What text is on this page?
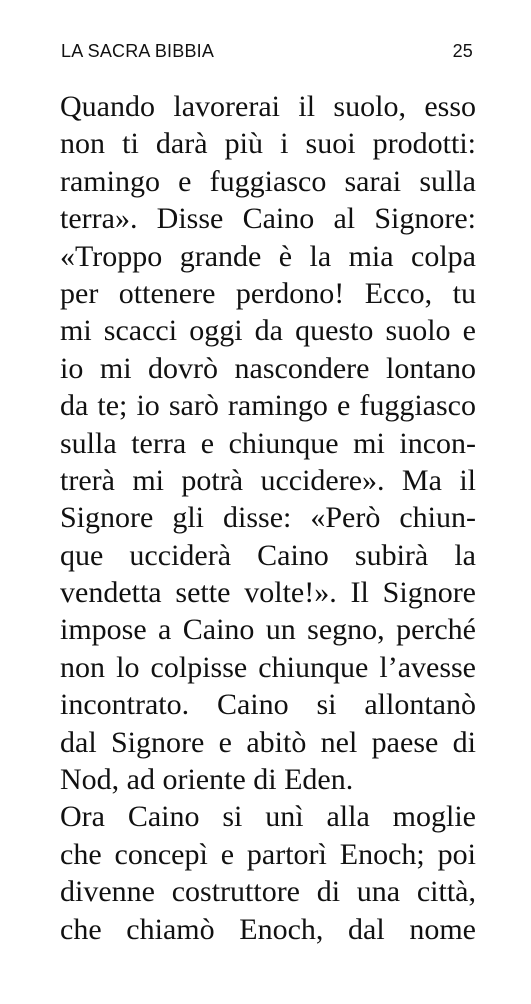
LA SACRA BIBBIA	25
Quando lavorerai il suolo, esso
non ti darà più i suoi prodotti:
ramingo e fuggiasco sarai sulla
terra». Disse Caino al Signore:
«Troppo grande è la mia colpa
per ottenere perdono! Ecco, tu
mi scacci oggi da questo suolo e
io mi dovrò nascondere lontano
da te; io sarò ramingo e fuggiasco
sulla terra e chiunque mi incon-
trerà mi potrà uccidere». Ma il
Signore gli disse: «Però chiun-
que ucciderà Caino subirà la
vendetta sette volte!». Il Signore
impose a Caino un segno, perché
non lo colpisse chiunque l’avesse
incontrato. Caino si allontanò
dal Signore e abitò nel paese di
Nod, ad oriente di Eden.
Ora Caino si unì alla moglie
che concepì e partorì Enoch; poi
divenne costruttore di una città,
che chiamò Enoch, dal nome
